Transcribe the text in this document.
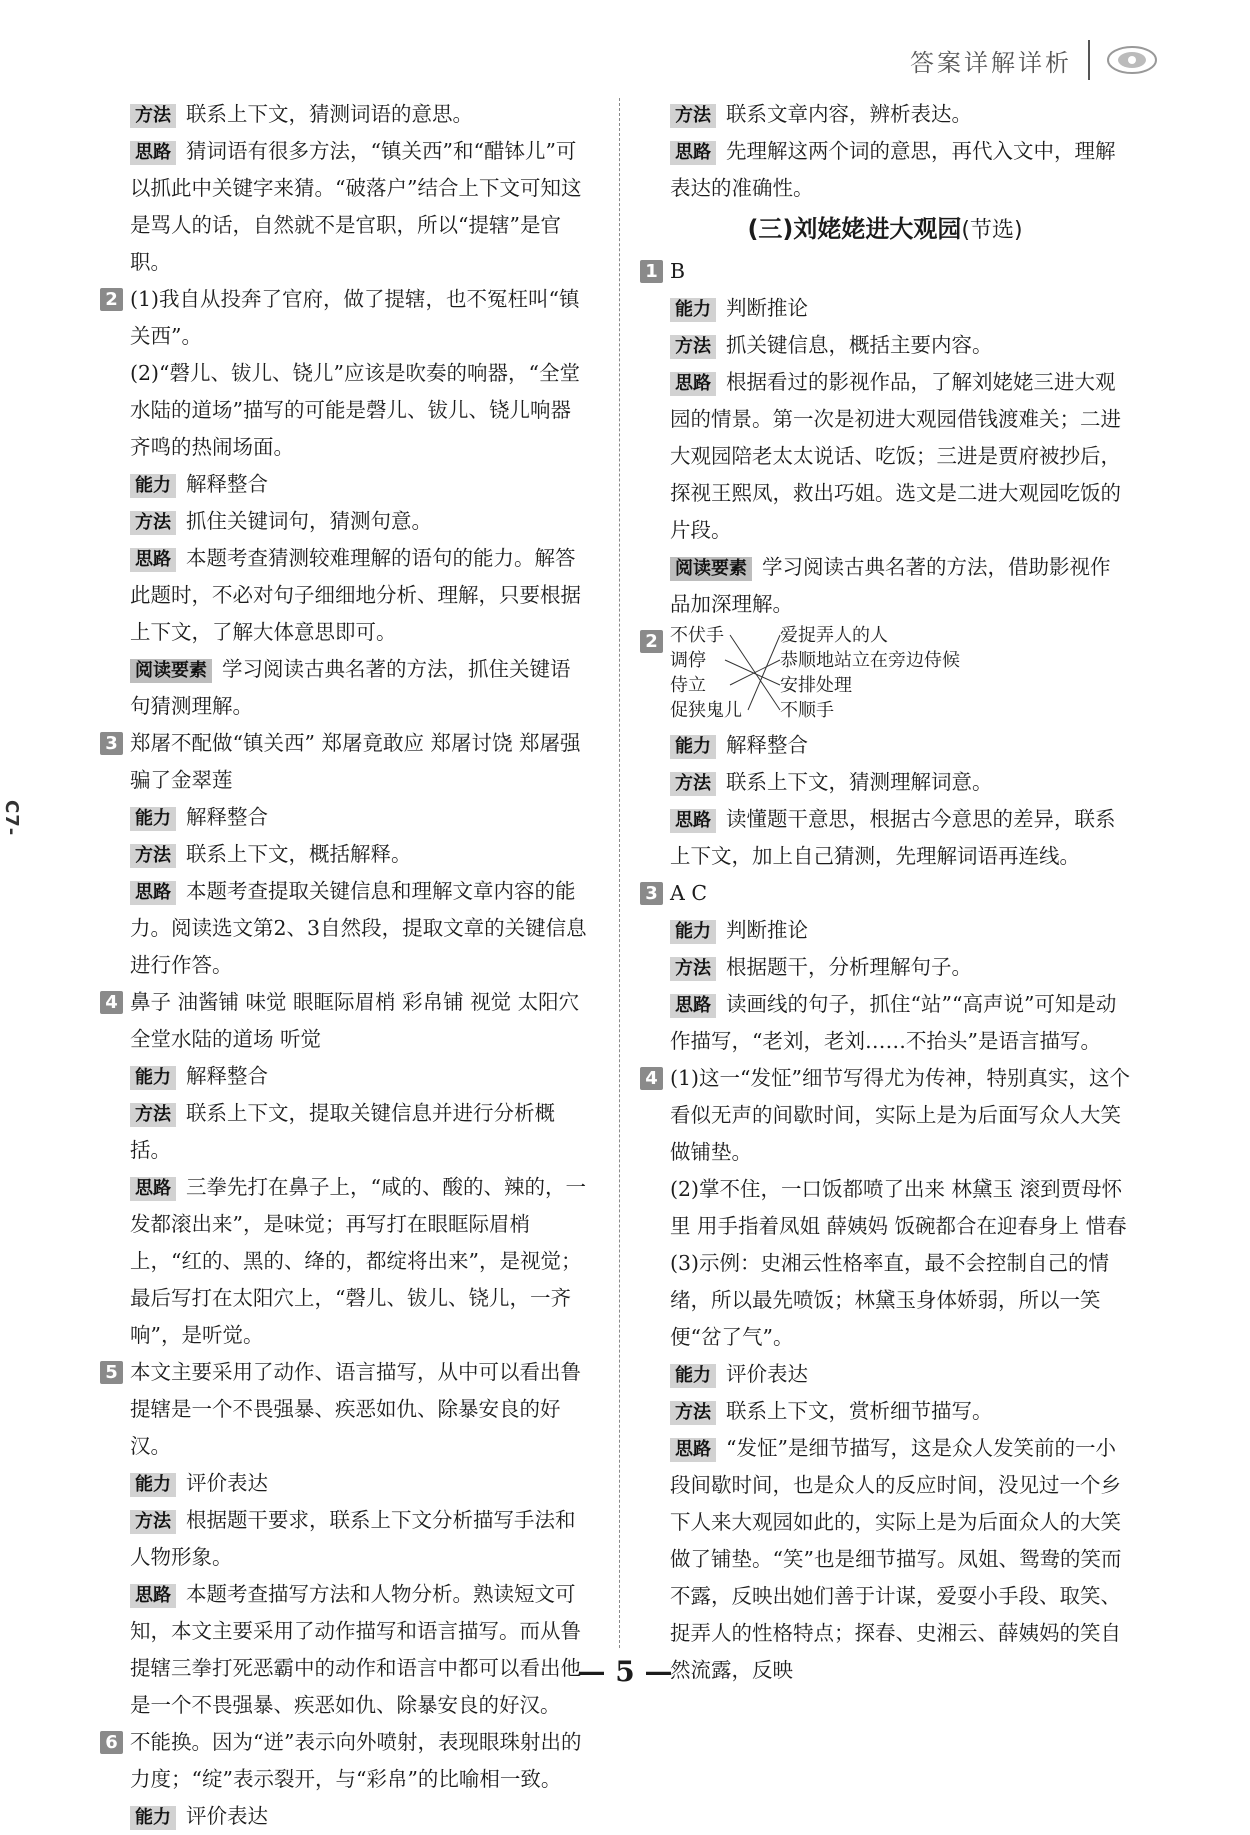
答案详解详析

方法 联系上下文，猜测词语的意思。

思路 猜词语有很多方法，“镇关西”和“醋钵儿”可以抓此中关键字来猜。“破落户”结合上下文可知这是骂人的话，自然就不是官职，所以“提辖”是官职。

2 (1)我自从投奔了官府，做了提辖，也不冤枉叫“镇关西”。

(2)“磬儿、钹儿、铙儿”应该是吹奏的响器，“全堂水陆的道场”描写的可能是磬儿、钹儿、铙儿响器齐鸣的热闹场面。

能力 解释整合

方法 抓住关键词句，猜测句意。

思路 本题考查猜测较难理解的语句的能力。解答此题时，不必对句子细细地分析、理解，只要根据上下文，了解大体意思即可。

阅读要素 学习阅读古典名著的方法，抓住关键语句猜测理解。

3 郑屠不配做“镇关西” 郑屠竟敢应 郑屠讨饶 郑屠强骗了金翠莲

能力 解释整合

方法 联系上下文，概括解释。

思路 本题考查提取关键信息和理解文章内容的能力。阅读选文第2、3自然段，提取文章的关键信息进行作答。

4 鼻子 油酱铺 味觉 眼眶际眉梢 彩帛铺 视觉 太阳穴 全堂水陆的道场 听觉

能力 解释整合

方法 联系上下文，提取关键信息并进行分析概括。

思路 三拳先打在鼻子上，“咸的、酸的、辣的，一发都滚出来”，是味觉；再写打在眼眶际眉梢上，“红的、黑的、绛的，都绽将出来”，是视觉；最后写打在太阳穴上，“磬儿、钹儿、铙儿，一齐响”，是听觉。

5 本文主要采用了动作、语言描写，从中可以看出鲁提辖是一个不畏强暴、疾恶如仇、除暴安良的好汉。

能力 评价表达

方法 根据题干要求，联系上下文分析描写手法和人物形象。

思路 本题考查描写方法和人物分析。熟读短文可知，本文主要采用了动作描写和语言描写。而从鲁提辖三拳打死恶霸中的动作和语言中都可以看出他是一个不畏强暴、疾恶如仇、除暴安良的好汉。

6 不能换。因为“迸”表示向外喷射，表现眼珠射出的力度；“绽”表示裂开，与“彩帛”的比喻相一致。

能力 评价表达

方法 联系文章内容，辨析表达。

思路 先理解这两个词的意思，再代入文中，理解表达的准确性。

(三)刘姥姥进大观园(节选)

1 B

能力 判断推论

方法 抓关键信息，概括主要内容。

思路 根据看过的影视作品，了解刘姥姥三进大观园的情景。第一次是初进大观园借钱渡难关；二进大观园陪老太太说话、吃饭；三进是贾府被抄后，探视王熙凤，救出巧姐。选文是二进大观园吃饭的片段。

阅读要素 学习阅读古典名著的方法，借助影视作品加深理解。

2 不伏手
调停
侍立
促狭鬼儿
爱捉弄人的人
恭顺地站立在旁边侍候
安排处理
不顺手

能力 解释整合

方法 联系上下文，猜测理解词意。

思路 读懂题干意思，根据古今意思的差异，联系上下文，加上自己猜测，先理解词语再连线。

3 A C

能力 判断推论

方法 根据题干，分析理解句子。

思路 读画线的句子，抓住“站”“高声说”可知是动作描写，“老刘，老刘……不抬头”是语言描写。

4 (1)这一“发怔”细节写得尤为传神，特别真实，这个看似无声的间歇时间，实际上是为后面写众人大笑做铺垫。

(2)掌不住，一口饭都喷了出来 林黛玉 滚到贾母怀里 用手指着凤姐 薛姨妈 饭碗都合在迎春身上 惜春

(3)示例：史湘云性格率直，最不会控制自己的情绪，所以最先喷饭；林黛玉身体娇弱，所以一笑便“岔了气”。

能力 评价表达

方法 联系上下文，赏析细节描写。

思路 “发怔”是细节描写，这是众人发笑前的一小段间歇时间，也是众人的反应时间，没见过一个乡下人来大观园如此的，实际上是为后面众人的大笑做了铺垫。“笑”也是细节描写。凤姐、鸳鸯的笑而不露，反映出她们善于计谋，爱耍小手段、取笑、捉弄人的性格特点；探春、史湘云、薛姨妈的笑自然流露，反映

C7-
— 5 —
